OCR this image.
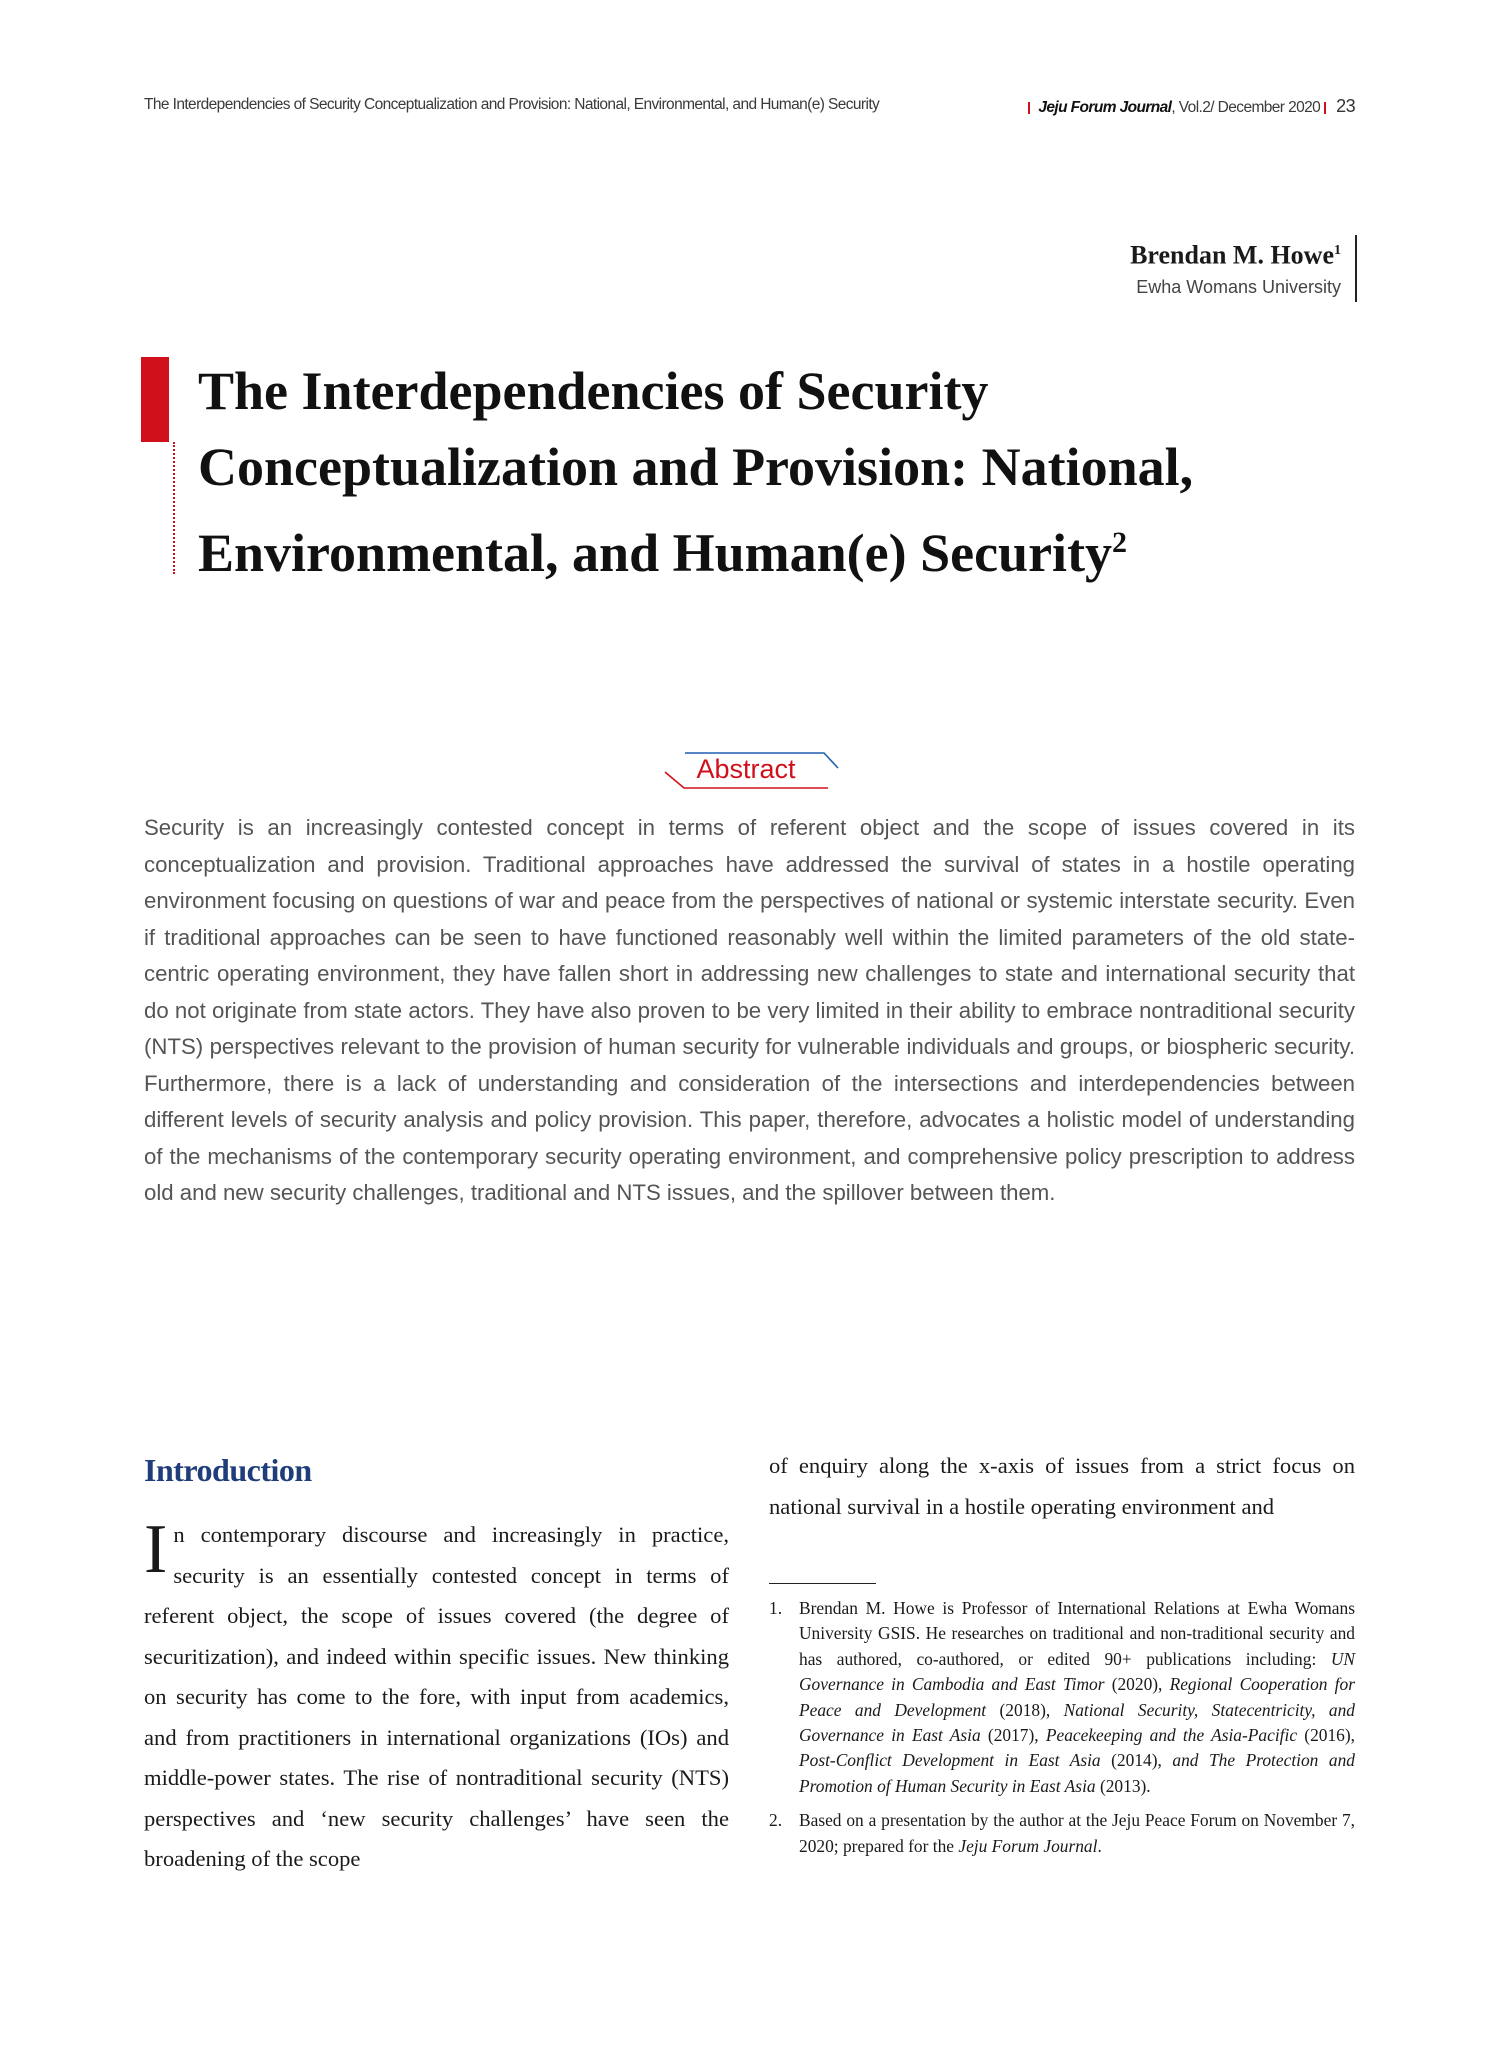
The Interdependencies of Security Conceptualization and Provision: National, Environmental, and Human(e) Security	Jeju Forum Journal, Vol.2/ December 2020 23
Brendan M. Howe$^1$
Ewha Womans University
The Interdependencies of Security
Conceptualization and Provision: National,
Environmental, and Human(e) Security$^2$
Abstract

Security is an increasingly contested concept in terms of referent object and the scope of issues covered in its conceptualization and provision. Traditional approaches have addressed the survival of states in a hostile operating environment focusing on questions of war and peace from the perspectives of national or systemic interstate security. Even if traditional approaches can be seen to have functioned reasonably well within the limited parameters of the old state-centric operating environment, they have fallen short in addressing new challenges to state and international security that do not originate from state actors. They have also proven to be very limited in their ability to embrace nontraditional security (NTS) perspectives relevant to the provision of human security for vulnerable individuals and groups, or biospheric security. Furthermore, there is a lack of understanding and consideration of the intersections and interdependencies between different levels of security analysis and policy provision. This paper, therefore, advocates a holistic model of understanding of the mechanisms of the contemporary security operating environment, and comprehensive policy prescription to address old and new security challenges, traditional and NTS issues, and the spillover between them.

Introduction

In contemporary discourse and increasingly in practice, security is an essentially contested concept in terms of referent object, the scope of issues covered (the degree of securitization), and indeed within specific issues. New thinking on security has come to the fore, with input from academics, and from practitioners in international organizations (IOs) and middle-power states. The rise of nontraditional security (NTS) perspectives and ‘new security challenges’ have seen the broadening of the scope

of enquiry along the x-axis of issues from a strict focus on national survival in a hostile operating environment and

1. Brendan M. Howe is Professor of International Relations at Ewha Womans University GSIS. He researches on traditional and non-traditional security and has authored, co-authored, or edited 90+ publications including: UN Governance in Cambodia and East Timor (2020), Regional Cooperation for Peace and Development (2018), National Security, Statecentricity, and Governance in East Asia (2017), Peacekeeping and the Asia-Pacific (2016), Post-Conflict Development in East Asia (2014), and The Protection and Promotion of Human Security in East Asia (2013).
2. Based on a presentation by the author at the Jeju Peace Forum on November 7, 2020; prepared for the Jeju Forum Journal.
